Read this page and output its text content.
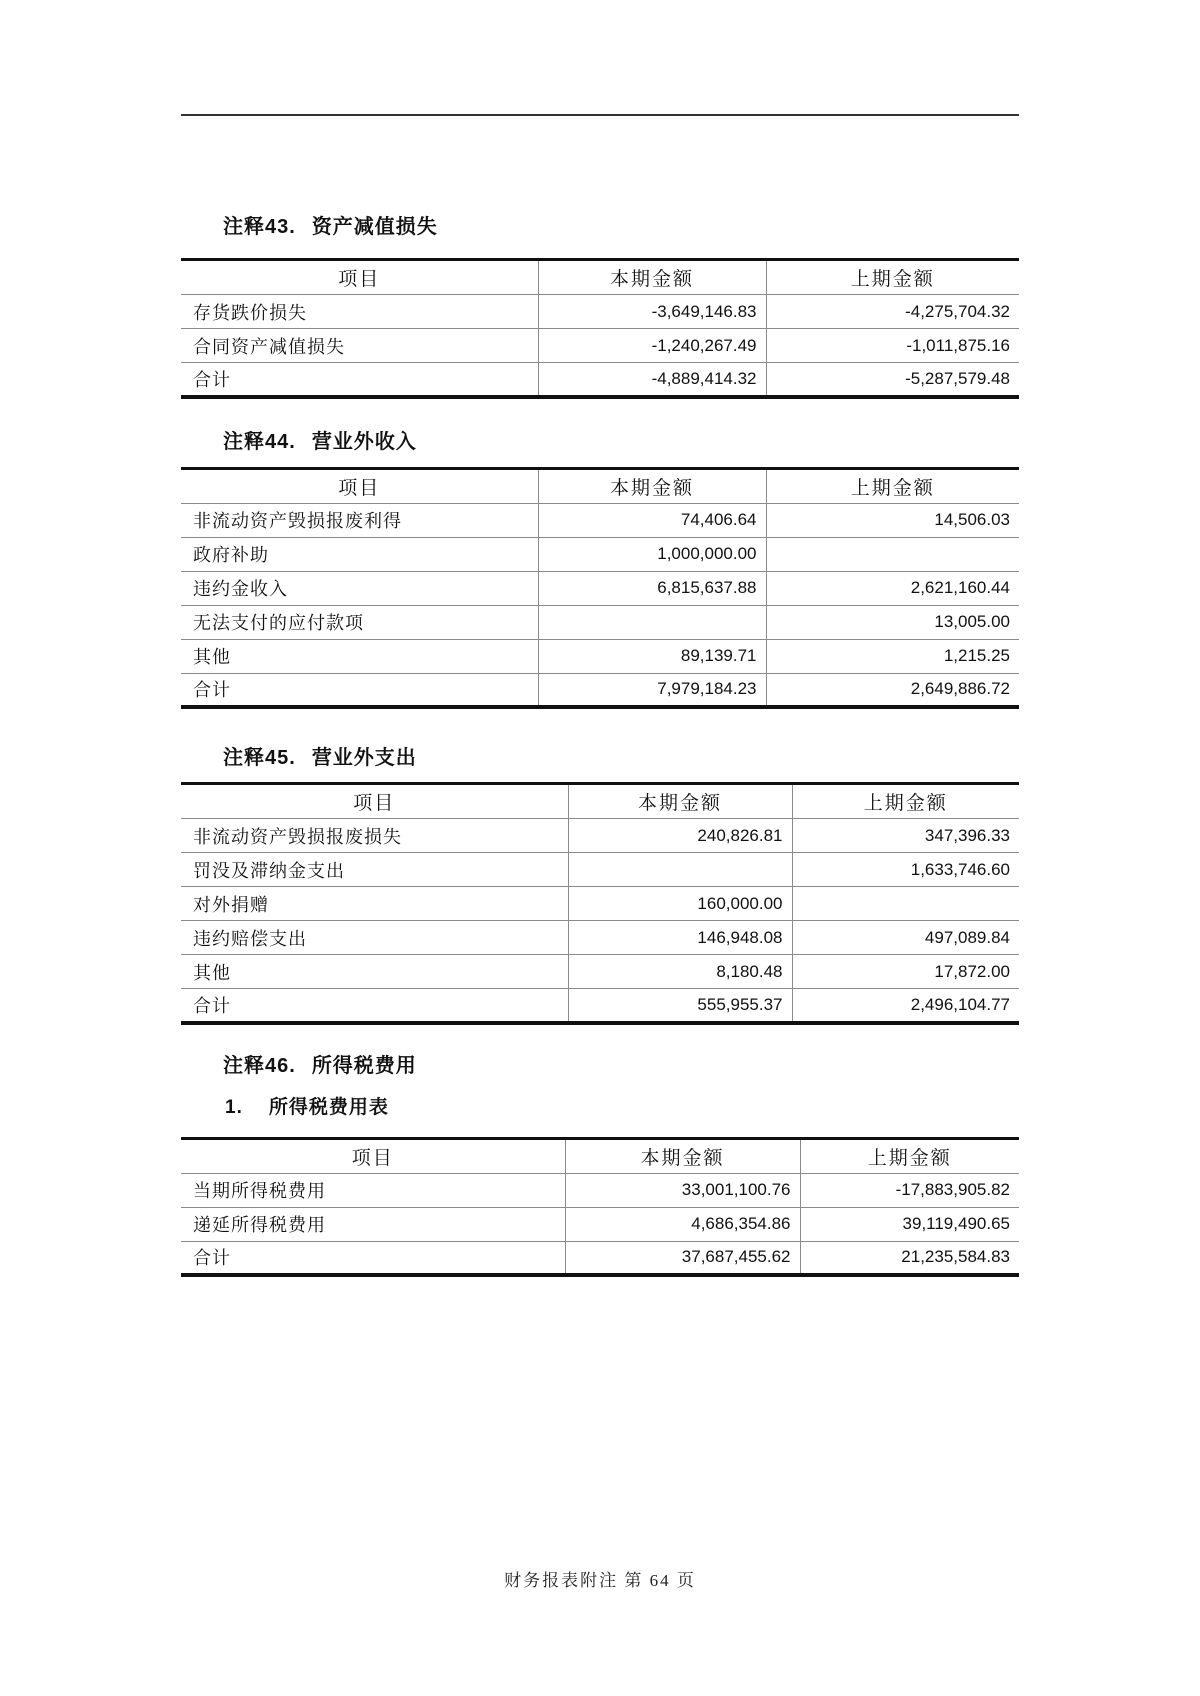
注释43. 资产减值损失
项目	本期金额	上期金额
存货跌价损失	-3,649,146.83	-4,275,704.32
合同资产减值损失	-1,240,267.49	-1,011,875.16
合计	-4,889,414.32	-5,287,579.48
注释44. 营业外收入
项目	本期金额	上期金额
非流动资产毁损报废利得	74,406.64	14,506.03
政府补助	1,000,000.00	
违约金收入	6,815,637.88	2,621,160.44
无法支付的应付款项		13,005.00
其他	89,139.71	1,215.25
合计	7,979,184.23	2,649,886.72
注释45. 营业外支出
项目	本期金额	上期金额
非流动资产毁损报废损失	240,826.81	347,396.33
罚没及滞纳金支出		1,633,746.60
对外捐赠	160,000.00	
违约赔偿支出	146,948.08	497,089.84
其他	8,180.48	17,872.00
合计	555,955.37	2,496,104.77
注释46. 所得税费用
1. 所得税费用表
项目	本期金额	上期金额
当期所得税费用	33,001,100.76	-17,883,905.82
递延所得税费用	4,686,354.86	39,119,490.65
合计	37,687,455.62	21,235,584.83
财务报表附注 第 64 页
